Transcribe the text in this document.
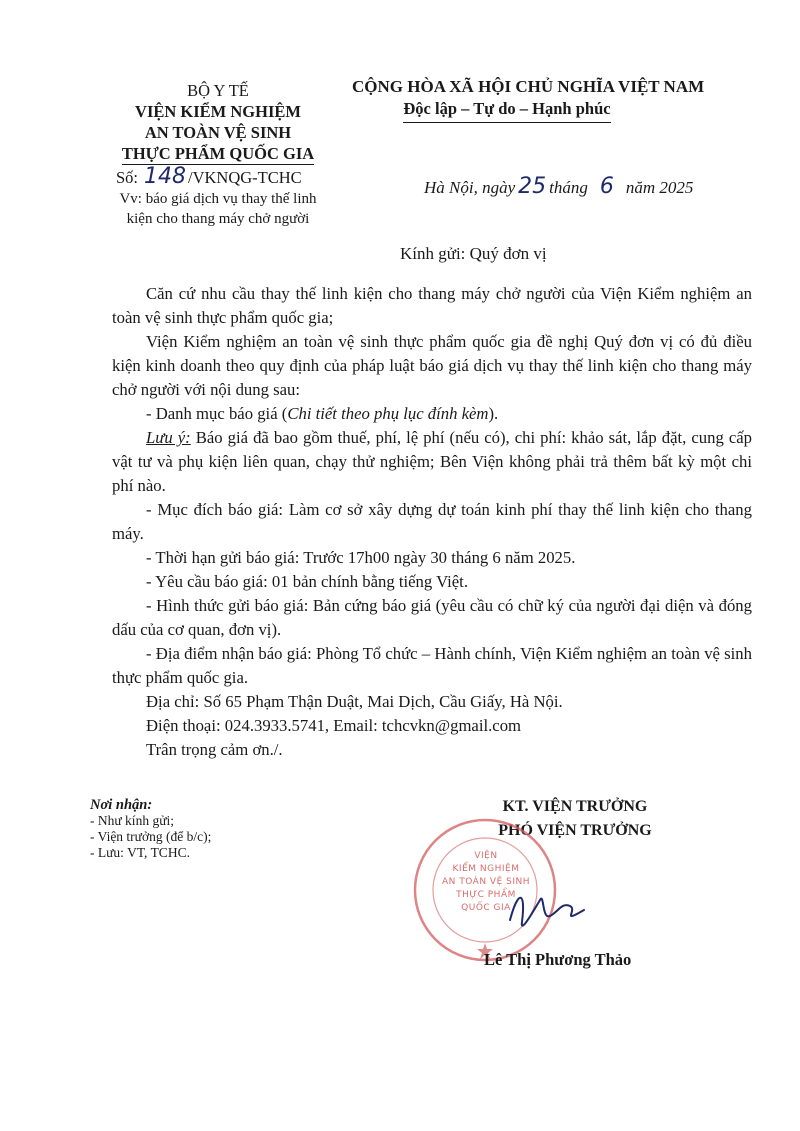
BỘ Y TẾ
VIỆN KIỂM NGHIỆM
AN TOÀN VỆ SINH
THỰC PHẨM QUỐC GIA
Số: 148 /VKNQG-TCHC
Vv: báo giá dịch vụ thay thế linh
kiện cho thang máy chở người
CỘNG HÒA XÃ HỘI CHỦ NGHĨA VIỆT NAM
Độc lập – Tự do – Hạnh phúc
Hà Nội, ngày 25 tháng 6 năm 2025
Kính gửi: Quý đơn vị

Căn cứ nhu cầu thay thế linh kiện cho thang máy chở người của Viện Kiểm nghiệm an toàn vệ sinh thực phẩm quốc gia;

Viện Kiểm nghiệm an toàn vệ sinh thực phẩm quốc gia đề nghị Quý đơn vị có đủ điều kiện kinh doanh theo quy định của pháp luật báo giá dịch vụ thay thế linh kiện cho thang máy chở người với nội dung sau:

- Danh mục báo giá (Chi tiết theo phụ lục đính kèm).

Lưu ý: Báo giá đã bao gồm thuế, phí, lệ phí (nếu có), chi phí: khảo sát, lắp đặt, cung cấp vật tư và phụ kiện liên quan, chạy thử nghiệm; Bên Viện không phải trả thêm bất kỳ một chi phí nào.

- Mục đích báo giá: Làm cơ sở xây dựng dự toán kinh phí thay thế linh kiện cho thang máy.

- Thời hạn gửi báo giá: Trước 17h00 ngày 30 tháng 6 năm 2025.

- Yêu cầu báo giá: 01 bản chính bằng tiếng Việt.

- Hình thức gửi báo giá: Bản cứng báo giá (yêu cầu có chữ ký của người đại diện và đóng dấu của cơ quan, đơn vị).

- Địa điểm nhận báo giá: Phòng Tổ chức – Hành chính, Viện Kiểm nghiệm an toàn vệ sinh thực phẩm quốc gia.

Địa chỉ: Số 65 Phạm Thận Duật, Mai Dịch, Cầu Giấy, Hà Nội.

Điện thoại: 024.3933.5741, Email: tchcvkn@gmail.com

Trân trọng cảm ơn./.

Nơi nhận:
- Như kính gửi;
- Viện trưởng (để b/c);
- Lưu: VT, TCHC.
KT. VIỆN TRƯỞNG
PHÓ VIỆN TRƯỞNG
VIỆN
KIỂM NGHIỆM
AN TOÀN VỆ SINH
THỰC PHẨM
QUỐC GIA
Lê Thị Phương Thảo
